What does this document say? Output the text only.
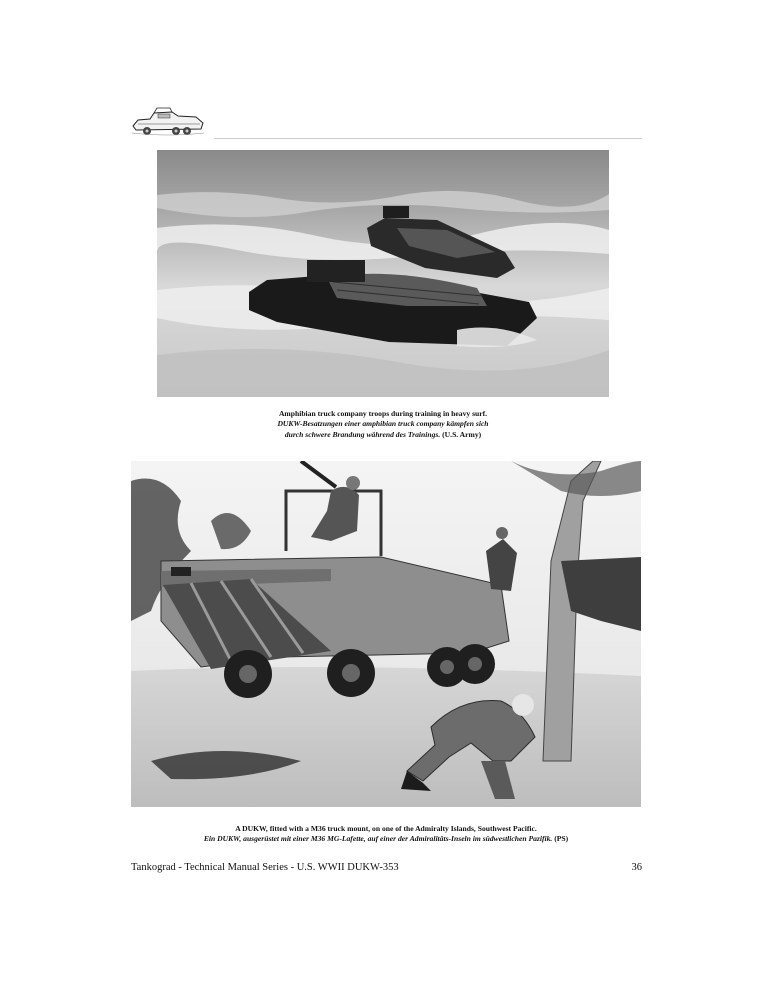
Amphibian truck company troops during training in heavy surf.
DUKW-Besatzungen einer amphibian truck company kämpfen sich
durch schwere Brandung während des Trainings. (U.S. Army)
A DUKW, fitted with a M36 truck mount, on one of the Admiralty Islands, Southwest Pacific.
Ein DUKW, ausgerüstet mit einer M36 MG-Lafette, auf einer der Admiralitäts-Inseln im südwestlichen Pazifik. (PS)
Tankograd - Technical Manual Series - U.S. WWII DUKW-353	36
